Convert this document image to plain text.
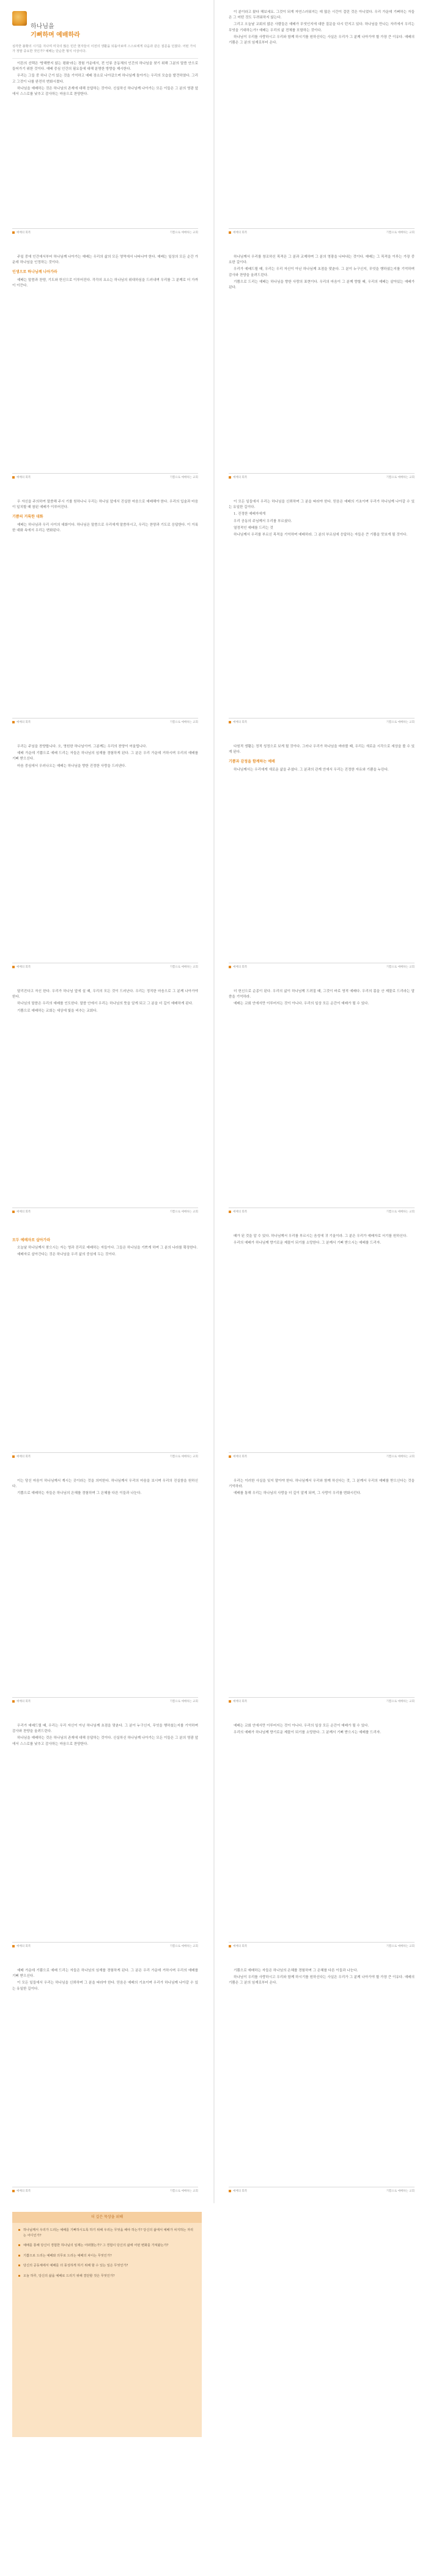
하나님을
기뻐하며 예배하라
심각한 불황의 시기를 지나며 미국의 많은 민간 현자들이 이전의 생활을 되돌아보며 스스로에게 다음과 같은 질문을 던졌다. 어떤 가치가 정말 중요한 것인가? 예배는 단순한 형식 이상이다.

이튼의 선택은 '방해받지 않는 평화'라는 경험 가운데서, 전 인류 공동체의 인간의 하나님을 찾기 위해 그분의 말씀 안으로 들어가기 위한 것이다. 예배 중심 인간의 필요들에 대해 분명한 방향을 제시한다.

우리는 그들 중 하나 근거 있는 것을 기억하고 예배 장소로 나아갔으며 하나님께 돌아가는 우리의 모습을 발견하였다. 그리고 그것이 나를 완전히 변화시켰다.

하나님을 예배하는 것은 하나님의 존재에 대해 응답하는 것이다. 신실하신 하나님께 나아가는 모든 이들은 그 분의 영광 앞에서 스스로를 낮추고 감사하는 마음으로 찬양한다.

예배의 회복	기쁨으로 예배하는 교회

이 분이라고 왔다 해보세요. 그것이 되게 자연스러워지는 데 많은 시간이 걸린 것은 아니었다. 우리 가운데 기뻐하는 자들은 그 어떤 것도 두려워하지 않는다.

그리고 오늘날 교회의 많은 사람들은 예배가 무엇인지에 대한 질문을 다시 던지고 있다. 하나님을 만나는 자리에서 우리는 무엇을 기대하는가? 예배는 우리의 삶 전체를 포함하는 것이다.

하나님이 우리를 사랑하시고 우리와 함께 하시기를 원하신다는 사실은 우리가 그 분께 나아가야 할 가장 큰 이유다. 예배의 기쁨은 그 분의 임재로부터 온다.

예배의 회복	기쁨으로 예배하는 교회

주일 중에 인간에서부터 하나님께 나아가는 예배는 우리의 삶의 모든 영역에서 나타나야 한다. 예배는 일상의 모든 순간 가운데 하나님을 인정하는 것이다.

인생으로 하나님께 나아가라

예배는 말씀과 찬양, 기도와 헌신으로 이루어진다. 각각의 요소는 하나님의 위대하심을 드러내며 우리를 그 분께로 더 가까이 이끈다.

예배의 회복	기쁨으로 예배하는 교회

하나님께서 우리를 창조하신 목적은 그 분과 교제하며 그 분의 영광을 나타내는 것이다. 예배는 그 목적을 이루는 가장 중요한 길이다.

우리가 예배드릴 때, 우리는 우리 자신이 아닌 하나님께 초점을 맞춘다. 그 분이 누구신지, 무엇을 행하셨는지를 기억하며 감사와 찬양을 올려드린다.

기쁨으로 드리는 예배는 하나님을 향한 사랑의 표현이다. 우리의 마음이 그 분께 향할 때, 우리의 예배는 살아있는 예배가 된다.

예배의 회복	기쁨으로 예배하는 교회

우 자신을 주의하여 말씀해 주시 기를 원하나니 우리는 하나님 앞에서 진실한 마음으로 예배해야 한다. 우리의 입술과 마음이 일치할 때 참된 예배가 이루어진다.

기쁨의 거룩한 대화

예배는 하나님과 우리 사이의 대화이다. 하나님은 말씀으로 우리에게 말씀하시고, 우리는 찬양과 기도로 응답한다. 이 거룩한 대화 속에서 우리는 변화된다.

예배의 회복	기쁨으로 예배하는 교회

이 모든 일들에서 우리는 하나님을 신뢰하며 그 분을 따라야 한다. 믿음은 예배의 기초이며 우리가 하나님께 나아갈 수 있는 유일한 길이다.

1. 진정한 예배자에게

우리 공동의 주님께서 우리를 부르셨다.

열정적인 예배를 드리는 것

하나님께서 우리를 부르신 목적을 기억하며 예배하라. 그 분의 부르심에 응답하는 자들은 큰 기쁨을 맛보게 될 것이다.

예배의 회복	기쁨으로 예배하는 교회

우리는 주님을 찬양합니다. 오, 영원한 하나님이여. 그분께는 우리의 찬양이 어울립니다.

예배 가운데 기쁨으로 예배 드리는 자들은 하나님의 임재를 경험하게 된다. 그 분은 우리 가운데 거하시며 우리의 예배를 기뻐 받으신다.

마음 중심에서 우러나오는 예배는 하나님을 향한 진정한 사랑을 드러낸다.

예배의 회복	기쁨으로 예배하는 교회

다원적 생활는 정적 성정으로 보게 될 것이다. 그러나 우리가 하나님을 바라볼 때, 우리는 새로운 시각으로 세상을 볼 수 있게 된다.

기쁨과 감정을 함께하는 예배

하나님께서는 우리에게 새로운 삶을 주셨다. 그 분과의 관계 안에서 우리는 진정한 자유와 기쁨을 누린다.

예배의 회복	기쁨으로 예배하는 교회

달리진다고 자신 한다. 우리가 하나님 앞에 설 때, 우리의 모든 것이 드러난다. 우리는 정직한 마음으로 그 분께 나아가야 한다.

하나님의 말씀은 우리의 예배를 인도한다. 말씀 안에서 우리는 하나님의 뜻을 알게 되고 그 분을 더 깊이 예배하게 된다.

기쁨으로 예배하는 교회는 세상에 빛을 비추는 교회다.

예배의 회복	기쁨으로 예배하는 교회

더 헌신으로 순종이 된다. 우리의 삶이 하나님께 드려질 때, 그것이 바로 영적 예배다. 우리의 몸을 산 제물로 드리라는 말씀을 기억하라.

예배는 교회 안에서만 이루어지는 것이 아니다. 우리의 일상 모든 순간이 예배가 될 수 있다.

예배의 회복	기쁨으로 예배하는 교회
모두 예배자로 살아가라

오늘날 하나님께서 찾으시는 자는 영과 진리로 예배하는 자들이다. 그들은 하나님을 기쁘게 하며 그 분의 나라를 확장한다.

예배자로 살아간다는 것은 하나님을 우리 삶의 중심에 두는 것이다.

예배의 회복	기쁨으로 예배하는 교회

때가 된 것을 알 수 있다. 하나님께서 우리를 부르시는 음성에 귀 기울이라. 그 분은 우리가 예배자로 서기를 원하신다.

우리의 예배가 하나님께 향기로운 제물이 되기를 소망한다. 그 분께서 기뻐 받으시는 예배를 드리자.

예배의 회복	기쁨으로 예배하는 교회

이는 당신 마음이 하나님께서 계시는 곳이라는 것을 의미한다. 하나님께서 우리의 마음을 보시며 우리의 진실함을 원하신다.

기쁨으로 예배하는 자들은 하나님의 은혜를 경험하며 그 은혜를 다른 이들과 나눈다.

예배의 회복	기쁨으로 예배하는 교회

우리는 이러한 사실을 잊지 말아야 한다. 하나님께서 우리와 함께 하신다는 것, 그 분께서 우리의 예배를 받으신다는 것을 기억하라.

예배를 통해 우리는 하나님의 사랑을 더 깊이 알게 되며, 그 사랑이 우리를 변화시킨다.

예배의 회복	기쁨으로 예배하는 교회

우리가 예배드릴 때, 우리는 우리 자신이 아닌 하나님께 초점을 맞춘다. 그 분이 누구신지, 무엇을 행하셨는지를 기억하며 감사와 찬양을 올려드린다.

하나님을 예배하는 것은 하나님의 존재에 대해 응답하는 것이다. 신실하신 하나님께 나아가는 모든 이들은 그 분의 영광 앞에서 스스로를 낮추고 감사하는 마음으로 찬양한다.

예배의 회복	기쁨으로 예배하는 교회

예배는 교회 안에서만 이루어지는 것이 아니다. 우리의 일상 모든 순간이 예배가 될 수 있다.

우리의 예배가 하나님께 향기로운 제물이 되기를 소망한다. 그 분께서 기뻐 받으시는 예배를 드리자.

예배의 회복	기쁨으로 예배하는 교회

예배 가운데 기쁨으로 예배 드리는 자들은 하나님의 임재를 경험하게 된다. 그 분은 우리 가운데 거하시며 우리의 예배를 기뻐 받으신다.

이 모든 일들에서 우리는 하나님을 신뢰하며 그 분을 따라야 한다. 믿음은 예배의 기초이며 우리가 하나님께 나아갈 수 있는 유일한 길이다.

예배의 회복	기쁨으로 예배하는 교회

기쁨으로 예배하는 자들은 하나님의 은혜를 경험하며 그 은혜를 다른 이들과 나눈다.

하나님이 우리를 사랑하시고 우리와 함께 하시기를 원하신다는 사실은 우리가 그 분께 나아가야 할 가장 큰 이유다. 예배의 기쁨은 그 분의 임재로부터 온다.

예배의 회복	기쁨으로 예배하는 교회
더 깊은 묵상을 위해
하나님께서 우리가 드리는 예배를 기뻐하시도록 하기 위해 우리는 무엇을 해야 하는가? 당신의 삶에서 예배가 차지하는 자리는 어디인가?
예배를 통해 당신이 경험한 하나님의 임재는 어떠했는가? 그 경험이 당신의 삶에 어떤 변화를 가져왔는가?
기쁨으로 드리는 예배와 의무로 드리는 예배의 차이는 무엇인가?
당신의 공동체에서 예배를 더 풍성하게 하기 위해 할 수 있는 일은 무엇인가?
오늘 하루, 당신의 삶을 예배로 드리기 위해 결단할 것은 무엇인가?
